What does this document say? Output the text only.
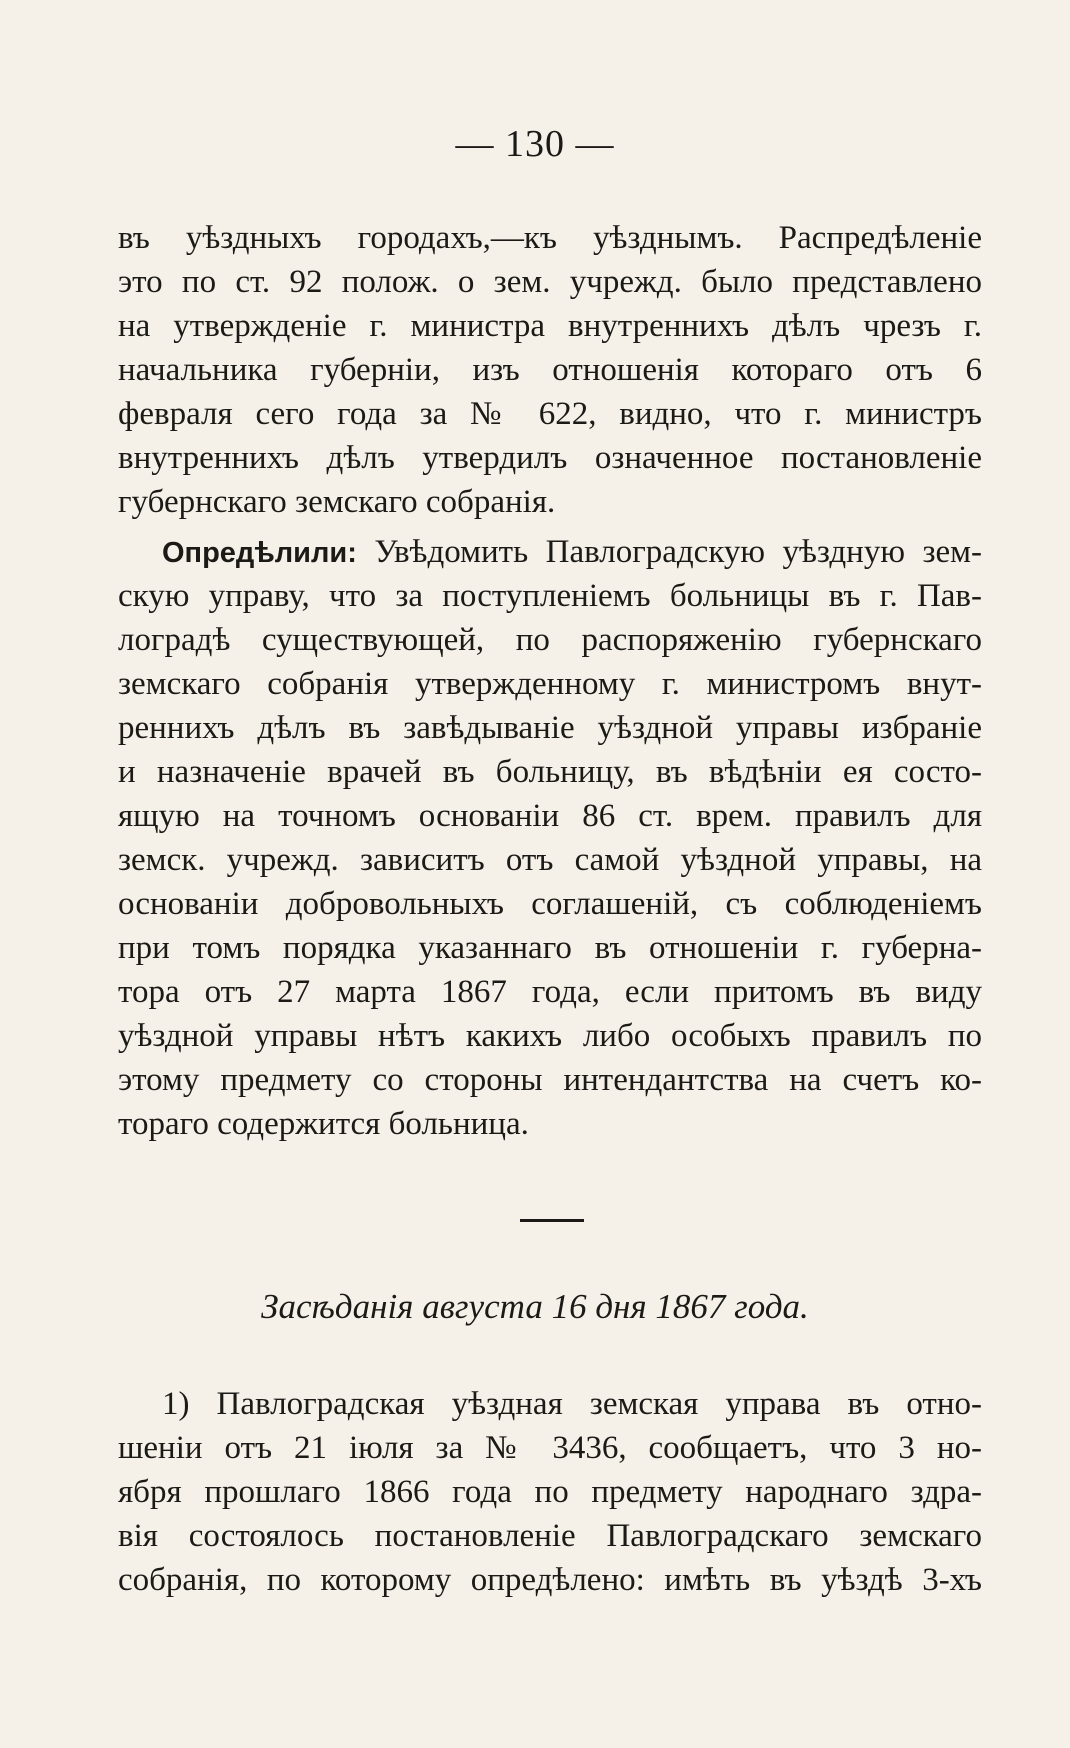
— 130 —
въ уѣздныхъ городахъ,—къ уѣзднымъ. Распредѣленіе
это по ст. 92 полож. о зем. учрежд. было представлено
на утвержденіе г. министра внутреннихъ дѣлъ чрезъ г.
начальника губерніи, изъ отношенія котораго отъ 6
февраля сего года за № 622, видно, что г. министръ
внутреннихъ дѣлъ утвердилъ означенное постановленіе
губернскаго земскаго собранія.
Опредѣлили: Увѣдомить Павлоградскую уѣздную зем-
скую управу, что за поступленіемъ больницы въ г. Пав-
лоградѣ существующей, по распоряженію губернскаго
земскаго собранія утвержденному г. министромъ внут-
реннихъ дѣлъ въ завѣдываніе уѣздной управы избраніе
и назначеніе врачей въ больницу, въ вѣдѣніи ея состо-
ящую на точномъ основаніи 86 ст. врем. правилъ для
земск. учрежд. зависитъ отъ самой уѣздной управы, на
основаніи добровольныхъ соглашеній, съ соблюденіемъ
при томъ порядка указаннаго въ отношеніи г. губерна-
тора отъ 27 марта 1867 года, если притомъ въ виду
уѣздной управы нѣтъ какихъ либо особыхъ правилъ по
этому предмету со стороны интендантства на счетъ ко-
тораго содержится больница.
Засѣданія августа 16 дня 1867 года.
1) Павлоградская уѣздная земская управа въ отно-
шеніи отъ 21 іюля за № 3436, сообщаетъ, что 3 но-
ября прошлаго 1866 года по предмету народнаго здра-
вія состоялось постановленіе Павлоградскаго земскаго
собранія, по которому опредѣлено: имѣть въ уѣздѣ 3-хъ
